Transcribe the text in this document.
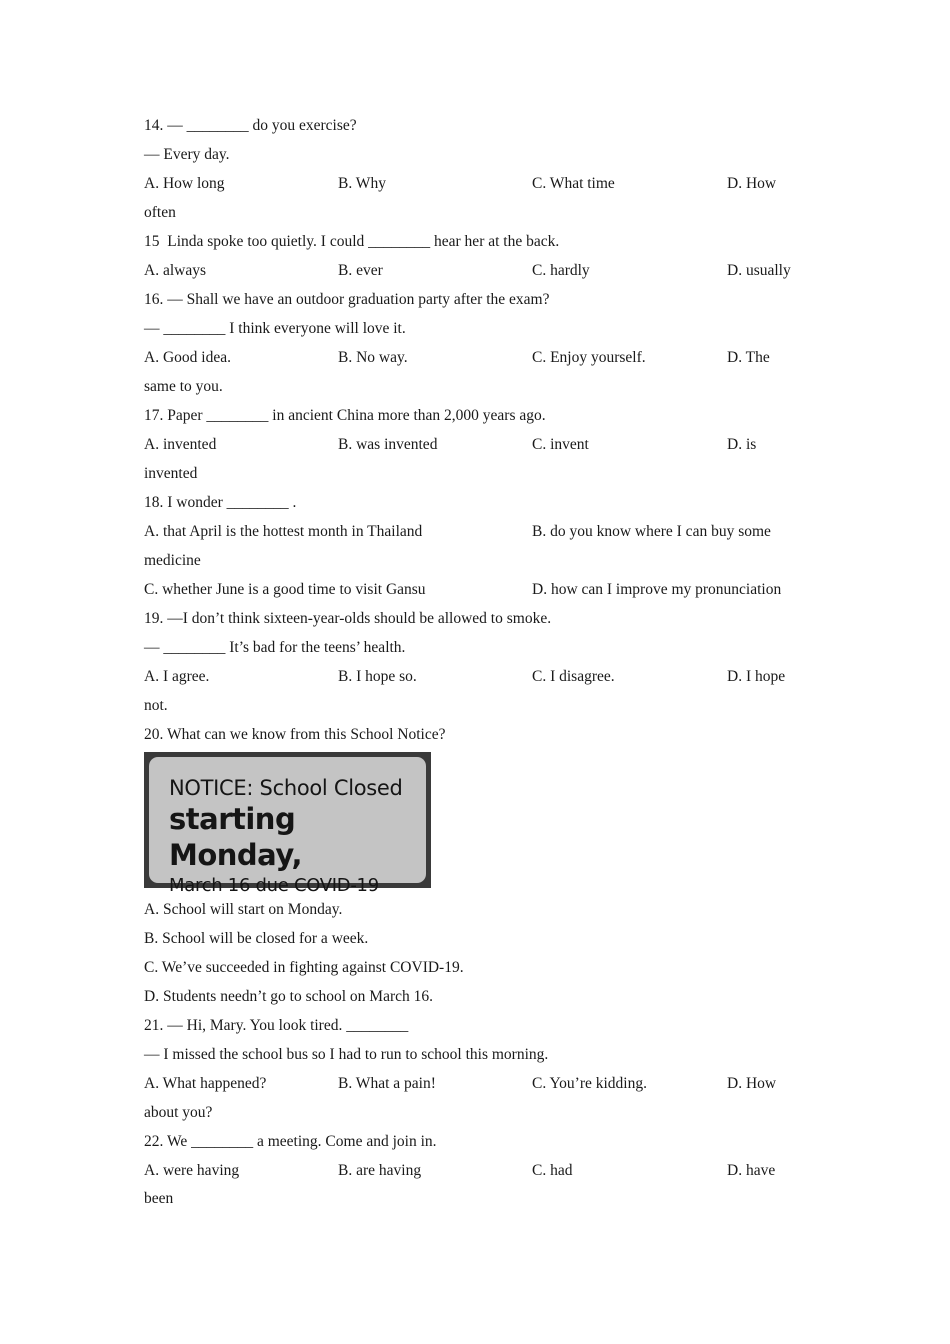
14. — ________ do you exercise?
— Every day.
A. How long	B. Why	C. What time	D. How
often
15  Linda spoke too quietly. I could ________ hear her at the back.
A. always	B. ever	C. hardly	D. usually
16. — Shall we have an outdoor graduation party after the exam?
— ________ I think everyone will love it.
A. Good idea.	B. No way.	C. Enjoy yourself.	D. The
same to you.
17. Paper ________ in ancient China more than 2,000 years ago.
A. invented	B. was invented	C. invent	D. is
invented
18. I wonder ________ .
A. that April is the hottest month in Thailand	B. do you know where I can buy some
medicine
C. whether June is a good time to visit Gansu	D. how can I improve my pronunciation
19. —I don’t think sixteen-year-olds should be allowed to smoke.
— ________ It’s bad for the teens’ health.
A. I agree.	B. I hope so.	C. I disagree.	D. I hope
not.
20. What can we know from this School Notice?
NOTICE: School Closed
starting Monday,
March 16 due COVID-19
A. School will start on Monday.
B. School will be closed for a week.
C. We’ve succeeded in fighting against COVID-19.
D. Students needn’t go to school on March 16.
21. — Hi, Mary. You look tired. ________
— I missed the school bus so I had to run to school this morning.
A. What happened?	B. What a pain!	C. You’re kidding.	D. How
about you?
22. We ________ a meeting. Come and join in.
A. were having	B. are having	C. had	D. have
been
